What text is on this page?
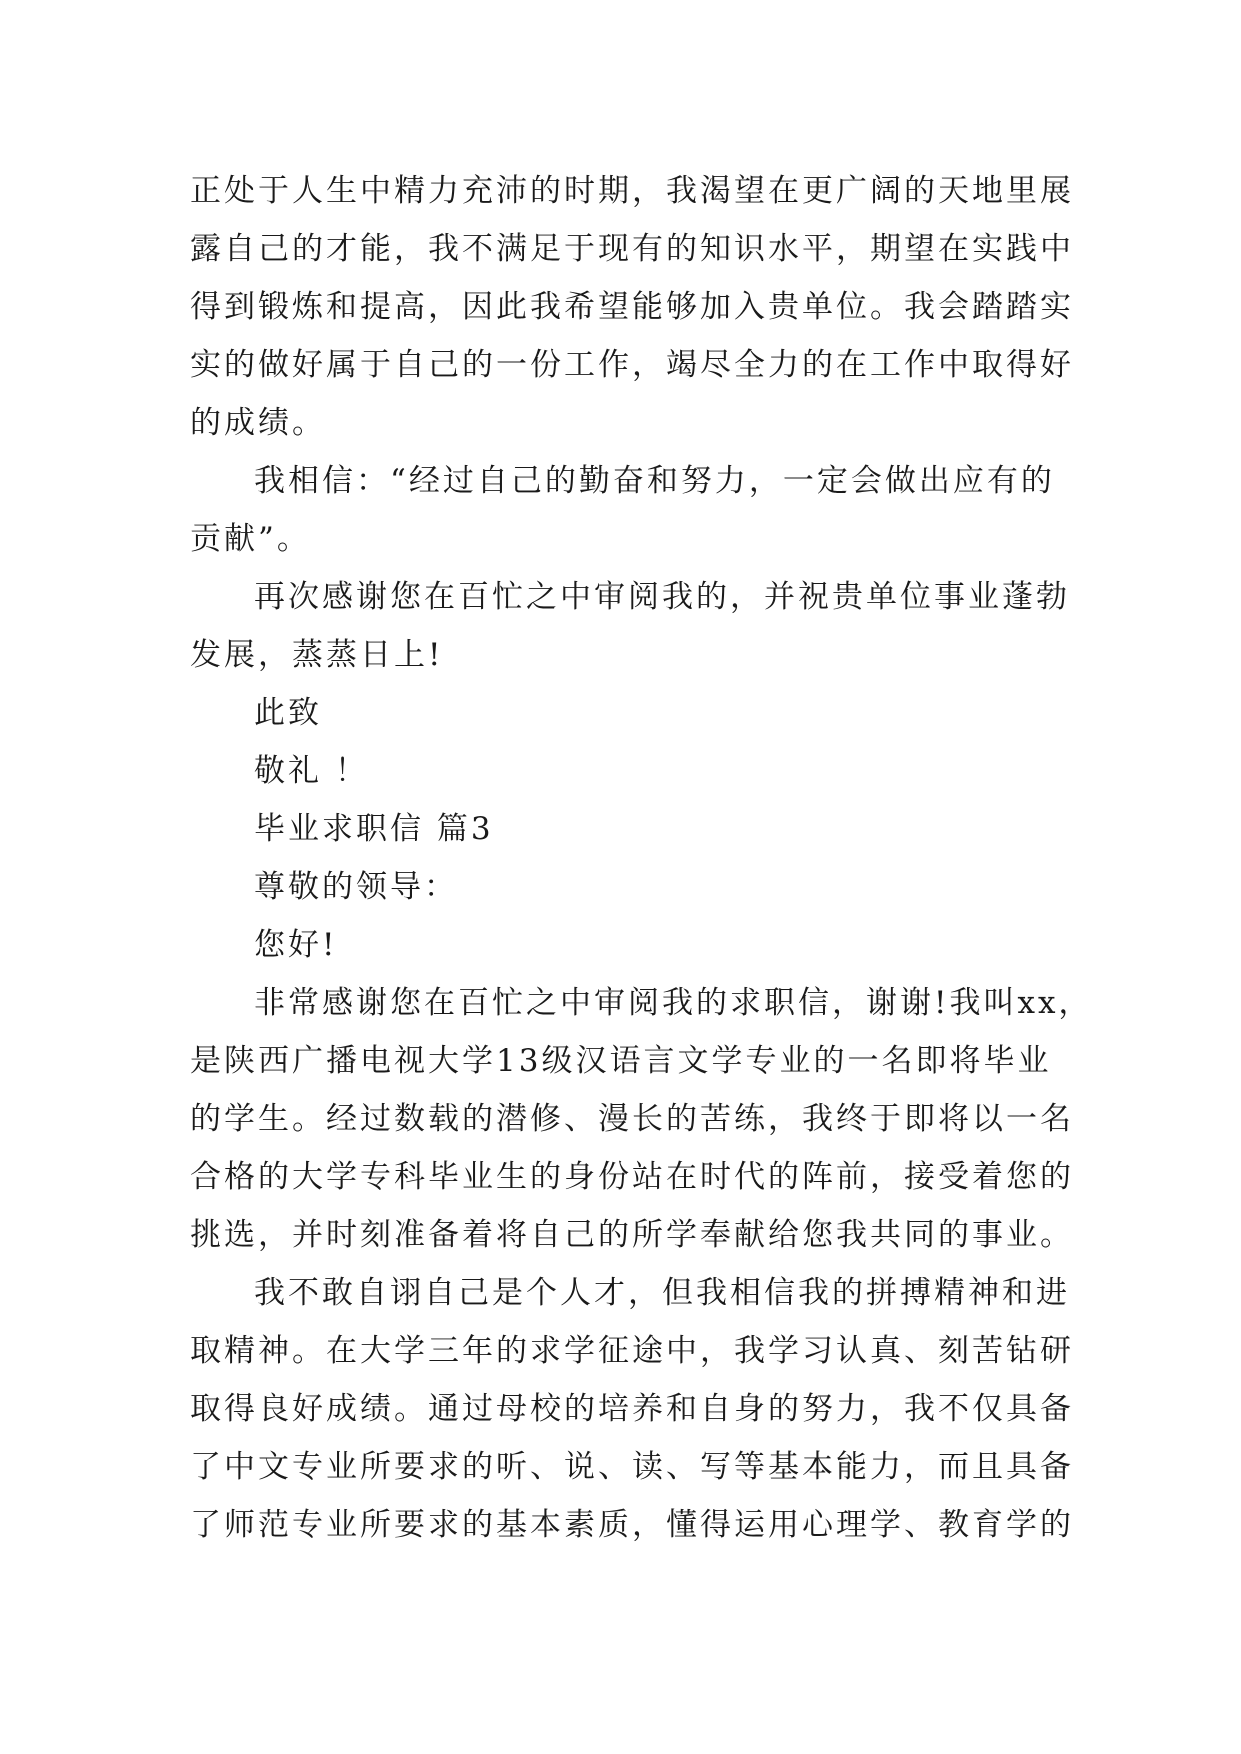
正处于人生中精力充沛的时期，我渴望在更广阔的天地里展
露自己的才能，我不满足于现有的知识水平，期望在实践中
得到锻炼和提高，因此我希望能够加入贵单位。我会踏踏实
实的做好属于自己的一份工作，竭尽全力的在工作中取得好
的成绩。
我相信：“经过自己的勤奋和努力，一定会做出应有的
贡献”。
再次感谢您在百忙之中审阅我的，并祝贵单位事业蓬勃
发展，蒸蒸日上!
此致
敬礼 ！
毕业求职信 篇3
尊敬的领导：
您好!
非常感谢您在百忙之中审阅我的求职信，谢谢!我叫xx，
是陕西广播电视大学13级汉语言文学专业的一名即将毕业
的学生。经过数载的潜修、漫长的苦练，我终于即将以一名
合格的大学专科毕业生的身份站在时代的阵前，接受着您的
挑选，并时刻准备着将自己的所学奉献给您我共同的事业。
我不敢自诩自己是个人才，但我相信我的拼搏精神和进
取精神。在大学三年的求学征途中，我学习认真、刻苦钻研
取得良好成绩。通过母校的培养和自身的努力，我不仅具备
了中文专业所要求的听、说、读、写等基本能力，而且具备
了师范专业所要求的基本素质，懂得运用心理学、教育学的
